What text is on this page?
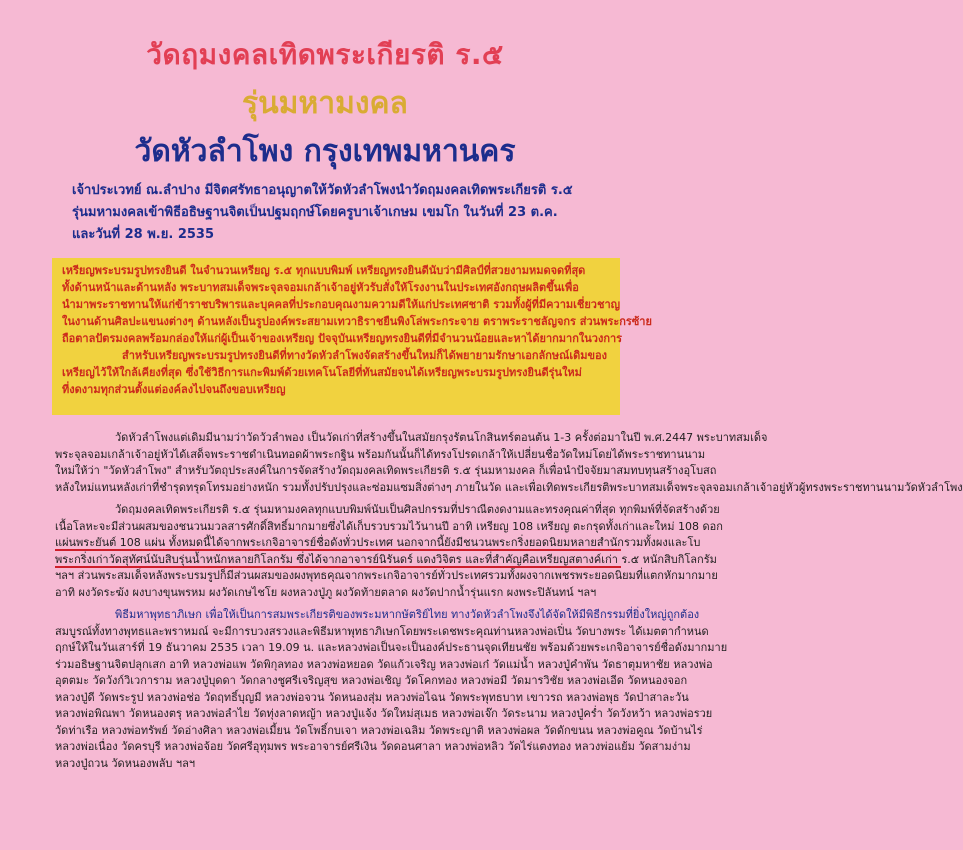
วัดฤมงคลเทิดพระเกียรติ ร.๕
รุ่นมหามงคล
วัดหัวลำโพง กรุงเทพมหานคร
เจ้าประเวทย์ ณ.ลำปาง มีจิตศรัทธาอนุญาตให้วัดหัวลำโพงนำวัดฤมงคลเทิดพระเกียรติ ร.๕
รุ่นมหามงคลเข้าพิธีอธิษฐานจิตเป็นปฐมฤกษ์โดยครูบาเจ้าเกษม เขมโก ในวันที่ 23 ต.ค.
และวันที่ 28 พ.ย. 2535
เหรียญพระบรมรูปทรงยินดี ในจำนวนเหรียญ ร.๕ ทุกแบบพิมพ์ เหรียญทรงยินดีนับว่ามีศิลป์ที่สวยงามหมดจดที่สุด
ทั้งด้านหน้าและด้านหลัง พระบาทสมเด็จพระจุลจอมเกล้าเจ้าอยู่หัวรับสั่งให้โรงงานในประเทศอังกฤษผลิตขึ้นเพื่อ
นำมาพระราชทานให้แก่ข้าราชบริพารและบุคคลที่ประกอบคุณงามความดีให้แก่ประเทศชาติ รวมทั้งผู้ที่มีความเชี่ยวชาญ
ในงานด้านศิลปะแขนงต่างๆ ด้านหลังเป็นรูปองค์พระสยามเทวาธิราชยืนพิงโล่พระกระจาย ตราพระราชลัญจกร ส่วนพระกรซ้าย
ถือตาลปัตรมงคลพร้อมกล่องให้แก่ผู้เป็นเจ้าของเหรียญ ปัจจุบันเหรียญทรงยินดีที่มีจำนวนน้อยและหาได้ยากมากในวงการ
สำหรับเหรียญพระบรมรูปทรงยินดีที่ทางวัดหัวลำโพงจัดสร้างขึ้นใหม่ก็ได้พยายามรักษาเอกลักษณ์เดิมของ
เหรียญไว้ให้ใกล้เคียงที่สุด ซึ่งใช้วิธีการแกะพิมพ์ด้วยเทคโนโลยีที่ทันสมัยจนได้เหรียญพระบรมรูปทรงยินดีรุ่นใหม่
ที่งดงามทุกส่วนตั้งแต่องค์ลงไปจนถึงขอบเหรียญ
วัดหัวลำโพงแต่เดิมมีนามว่าวัดวัวลำพอง เป็นวัดเก่าที่สร้างขึ้นในสมัยกรุงรัตนโกสินทร์ตอนต้น 1-3 ครั้งต่อมาในปี พ.ศ.2447 พระบาทสมเด็จ
พระจุลจอมเกล้าเจ้าอยู่หัวได้เสด็จพระราชดำเนินทอดผ้าพระกฐิน พร้อมกันนั้นก็ได้ทรงโปรดเกล้าให้เปลี่ยนชื่อวัดใหม่โดยได้พระราชทานนาม
ใหม่ให้ว่า "วัดหัวลำโพง" สำหรับวัตถุประสงค์ในการจัดสร้างวัดฤมงคลเทิดพระเกียรติ ร.๕ รุ่นมหามงคล ก็เพื่อนำปัจจัยมาสมทบทุนสร้างอุโบสถ
หลังใหม่แทนหลังเก่าที่ชำรุดทรุดโทรมอย่างหนัก รวมทั้งปรับปรุงและซ่อมแซมสิ่งต่างๆ ภายในวัด และเพื่อเทิดพระเกียรติพระบาทสมเด็จพระจุลจอมเกล้าเจ้าอยู่หัวผู้ทรงพระราชทานนามวัดหัวลำโพง
วัดฤมงคลเทิดพระเกียรติ ร.๕ รุ่นมหามงคลทุกแบบพิมพ์นับเป็นศิลปกรรมที่ปราณีตงดงามและทรงคุณค่าที่สุด ทุกพิมพ์ที่จัดสร้างด้วย
เนื้อโลหะจะมีส่วนผสมของชนวนมวลสารศักดิ์สิทธิ์มากมายซึ่งได้เก็บรวบรวมไว้นานปี อาทิ เหรียญ 108 เหรียญ ตะกรุดทั้งเก่าและใหม่ 108 ดอก
แผ่นพระยันต์ 108 แผ่น ทั้งหมดนี้ได้จากพระเกจิอาจารย์ชื่อดังทั่วประเทศ นอกจากนี้ยังมีชนวนพระกริ่งยอดนิยมหลายสำนักรวมทั้งผงและโบ
พระกริ่งเก่าวัดสุทัศน์นับสิบรุ่นน้ำหนักหลายกิโลกรัม ซึ่งได้จากอาจารย์นิรันดร์ แดงวิจิตร และที่สำคัญคือเหรียญสตางค์เก่า ร.๕ หนักสิบกิโลกรัม
ฯลฯ ส่วนพระสมเด็จหลังพระบรมรูปก็มีส่วนผสมของผงพุทธคุณจากพระเกจิอาจารย์ทั่วประเทศรวมทั้งผงจากเพชรพระยอดนิยมที่แตกหักมากมาย
อาทิ ผงวัดระฆัง ผงบางขุนพรหม ผงวัดเกษไชโย ผงหลวงปู่ภู ผงวัดท้ายตลาด ผงวัดปากน้ำรุ่นแรก ผงพระปิลันทน์ ฯลฯ
พิธีมหาพุทธาภิเษก เพื่อให้เป็นการสมพระเกียรติของพระมหากษัตริย์ไทย ทางวัดหัวลำโพงจึงได้จัดให้มีพิธีกรรมที่ยิ่งใหญ่ถูกต้อง
สมบูรณ์ทั้งทางพุทธและพราหมณ์ จะมีการบวงสรวงและพิธีมหาพุทธาภิเษกโดยพระเดชพระคุณท่านหลวงพ่อเปิ่น วัดบางพระ ได้เมตตากำหนด
ฤกษ์ให้ในวันเสาร์ที่ 19 ธันวาคม 2535 เวลา 19.09 น. และหลวงพ่อเป็นจะเป็นองค์ประธานจุดเทียนชัย พร้อมด้วยพระเกจิอาจารย์ชื่อดังมากมาย
ร่วมอธิษฐานจิตปลุกเสก อาทิ หลวงพ่อแพ วัดพิกุลทอง หลวงพ่อหยอด วัดแก้วเจริญ หลวงพ่อเก๋ วัดแม่น้ำ หลวงปู่คำพัน วัดธาตุมหาชัย หลวงพ่อ
อุตตมะ วัดวังก์วิเวการาม หลวงปู่บุดดา วัดกลางชูศรีเจริญสุข หลวงพ่อเชิญ วัดโคกทอง หลวงพ่อมี วัดมารวิชัย หลวงพ่อเอีด วัดหนองจอก
หลวงปู่ดี วัดพระรูป หลวงพ่อช่อ วัดฤทธิ์บุญมี หลวงพ่อจวน วัดหนองสุ่ม หลวงพ่อไฉน วัดพระพุทธบาท เขาวรถ หลวงพ่อพุธ วัดป่าสาละวัน
หลวงพ่อพิณพา วัดหนองตรุ หลวงพ่อลำไย วัดทุ่งลาดหญ้า หลวงปู่แจ้ง วัดใหม่สุเมธ หลวงพ่อเจ๊ก วัดระนาม หลวงปู่คร่ำ วัดวังหว้า หลวงพ่อรวย
วัดท่าเรือ หลวงพ่อทรัพย์ วัดอ่างศิลา หลวงพ่อเมี้ยน วัดโพธิ์กบเจา หลวงพ่อเฉลิม วัดพระญาติ หลวงพ่อผล วัดดักขนน หลวงพ่อคูณ วัดบ้านไร่
หลวงพ่อเนื่อง วัดครบุรี หลวงพ่อจ้อย วัดศรีอุทุมพร พระอาจารย์ศรีเงิน วัดดอนศาลา หลวงพ่อหลิว วัดไร่แตงทอง หลวงพ่อแย้ม วัดสามง่าม
หลวงปู่ถวน วัดหนองพลับ ฯลฯ
